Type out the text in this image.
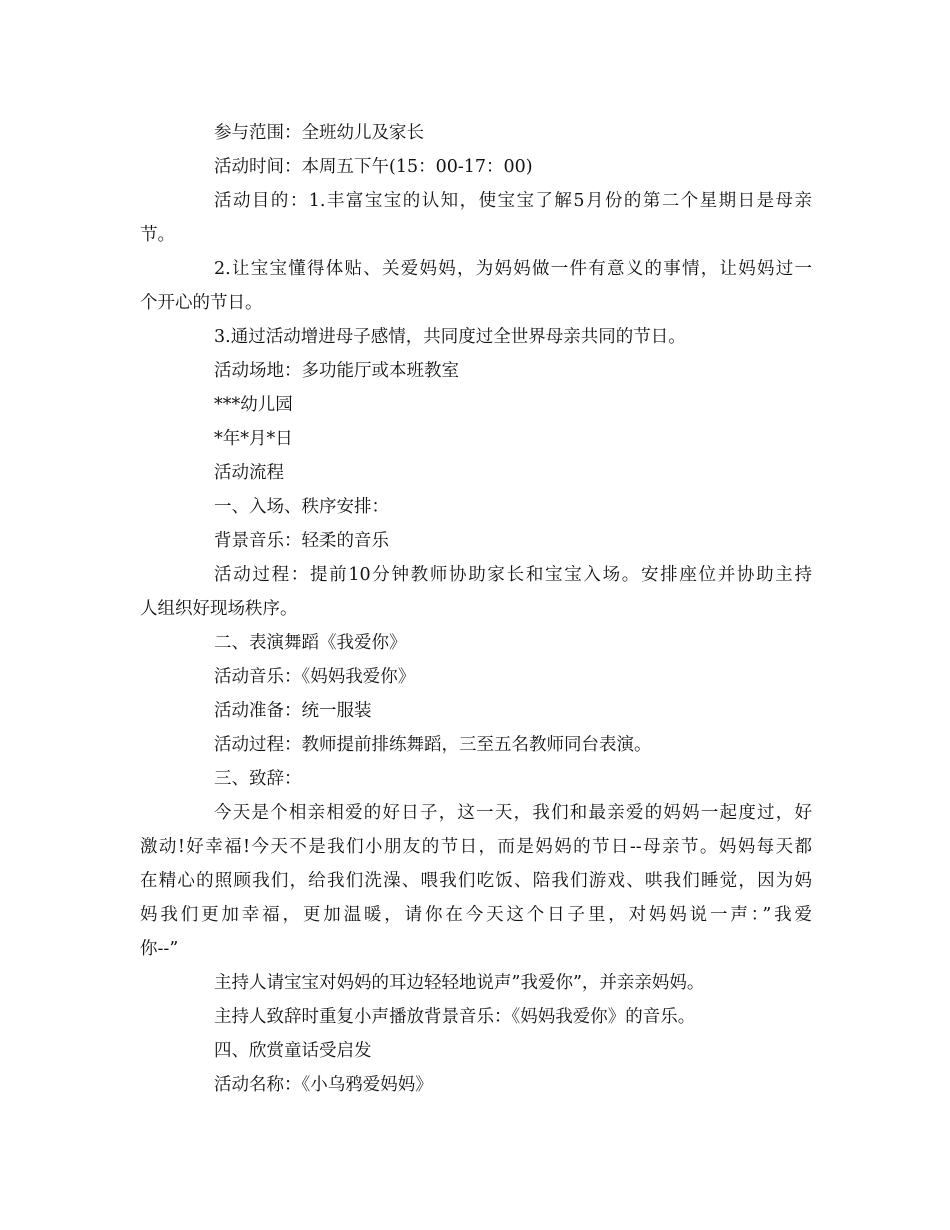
参与范围：全班幼儿及家长
活动时间：本周五下午(15：00-17：00)
活动目的：1.丰富宝宝的认知，使宝宝了解5月份的第二个星期日是母亲
节。
2.让宝宝懂得体贴、关爱妈妈，为妈妈做一件有意义的事情，让妈妈过一
个开心的节日。
3.通过活动增进母子感情，共同度过全世界母亲共同的节日。
活动场地：多功能厅或本班教室
***幼儿园
*年*月*日
活动流程
一、入场、秩序安排：
背景音乐：轻柔的音乐
活动过程：提前10分钟教师协助家长和宝宝入场。安排座位并协助主持
人组织好现场秩序。
二、表演舞蹈《我爱你》
活动音乐：《妈妈我爱你》
活动准备：统一服装
活动过程：教师提前排练舞蹈，三至五名教师同台表演。
三、致辞：
今天是个相亲相爱的好日子，这一天，我们和最亲爱的妈妈一起度过，好
激动!好幸福!今天不是我们小朋友的节日，而是妈妈的节日--母亲节。妈妈每天都
在精心的照顾我们，给我们洗澡、喂我们吃饭、陪我们游戏、哄我们睡觉，因为妈
妈我们更加幸福，更加温暖，请你在今天这个日子里，对妈妈说一声：”我爱
你--”
主持人请宝宝对妈妈的耳边轻轻地说声”我爱你”，并亲亲妈妈。
主持人致辞时重复小声播放背景音乐：《妈妈我爱你》的音乐。
四、欣赏童话受启发
活动名称：《小乌鸦爱妈妈》
